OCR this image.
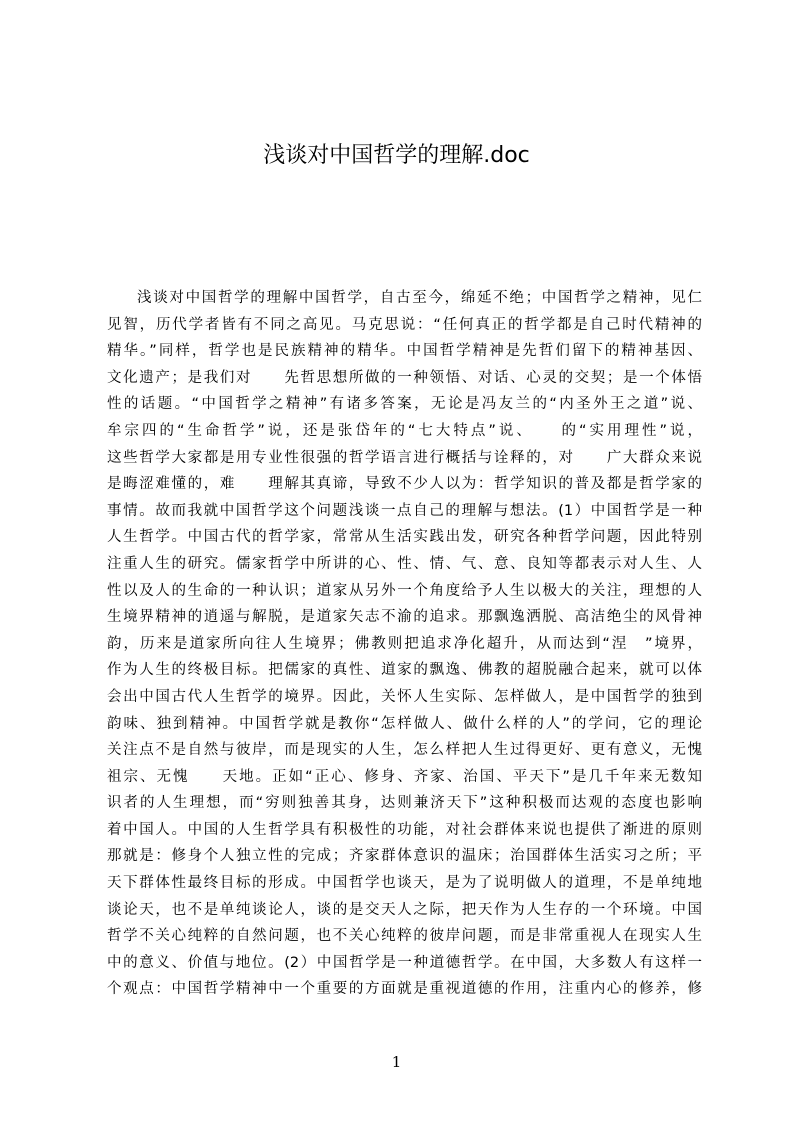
浅谈对中国哲学的理解.doc
浅谈对中国哲学的理解中国哲学，自古至今，绵延不绝；中国哲学之精神，见仁
见智，历代学者皆有不同之高见。马克思说：“任何真正的哲学都是自己时代精神的
精华。”同样，哲学也是民族精神的精华。中国哲学精神是先哲们留下的精神基因、
文化遗产；是我们对　　先哲思想所做的一种领悟、对话、心灵的交契；是一个体悟
性的话题。“中国哲学之精神”有诸多答案，无论是冯友兰的“内圣外王之道”说、
牟宗四的“生命哲学”说，还是张岱年的“七大特点”说、　　的“实用理性”说，
这些哲学大家都是用专业性很强的哲学语言进行概括与诠释的，对　　广大群众来说
是晦涩难懂的，难　　理解其真谛，导致不少人以为：哲学知识的普及都是哲学家的
事情。故而我就中国哲学这个问题浅谈一点自己的理解与想法。(1）中国哲学是一种
人生哲学。中国古代的哲学家，常常从生活实践出发，研究各种哲学问题，因此特别
注重人生的研究。儒家哲学中所讲的心、性、情、气、意、良知等都表示对人生、人
性以及人的生命的一种认识；道家从另外一个角度给予人生以极大的关注，理想的人
生境界精神的逍遥与解脱，是道家矢志不渝的追求。那飘逸洒脱、高洁绝尘的风骨神
韵，历来是道家所向往人生境界；佛教则把追求净化超升，从而达到“涅　”境界，
作为人生的终极目标。把儒家的真性、道家的飘逸、佛教的超脱融合起来，就可以体
会出中国古代人生哲学的境界。因此，关怀人生实际、怎样做人，是中国哲学的独到
韵味、独到精神。中国哲学就是教你“怎样做人、做什么样的人”的学问，它的理论
关注点不是自然与彼岸，而是现实的人生，怎么样把人生过得更好、更有意义，无愧
祖宗、无愧　　天地。正如“正心、修身、齐家、治国、平天下”是几千年来无数知
识者的人生理想，而“穷则独善其身，达则兼济天下”这种积极而达观的态度也影响
着中国人。中国的人生哲学具有积极性的功能，对社会群体来说也提供了渐进的原则
那就是：修身个人独立性的完成；齐家群体意识的温床；治国群体生活实习之所；平
天下群体性最终目标的形成。中国哲学也谈天，是为了说明做人的道理，不是单纯地
谈论天，也不是单纯谈论人，谈的是交天人之际，把天作为人生存的一个环境。中国
哲学不关心纯粹的自然问题，也不关心纯粹的彼岸问题，而是非常重视人在现实人生
中的意义、价值与地位。(2）中国哲学是一种道德哲学。在中国，大多数人有这样一
个观点：中国哲学精神中一个重要的方面就是重视道德的作用，注重内心的修养，修
1
